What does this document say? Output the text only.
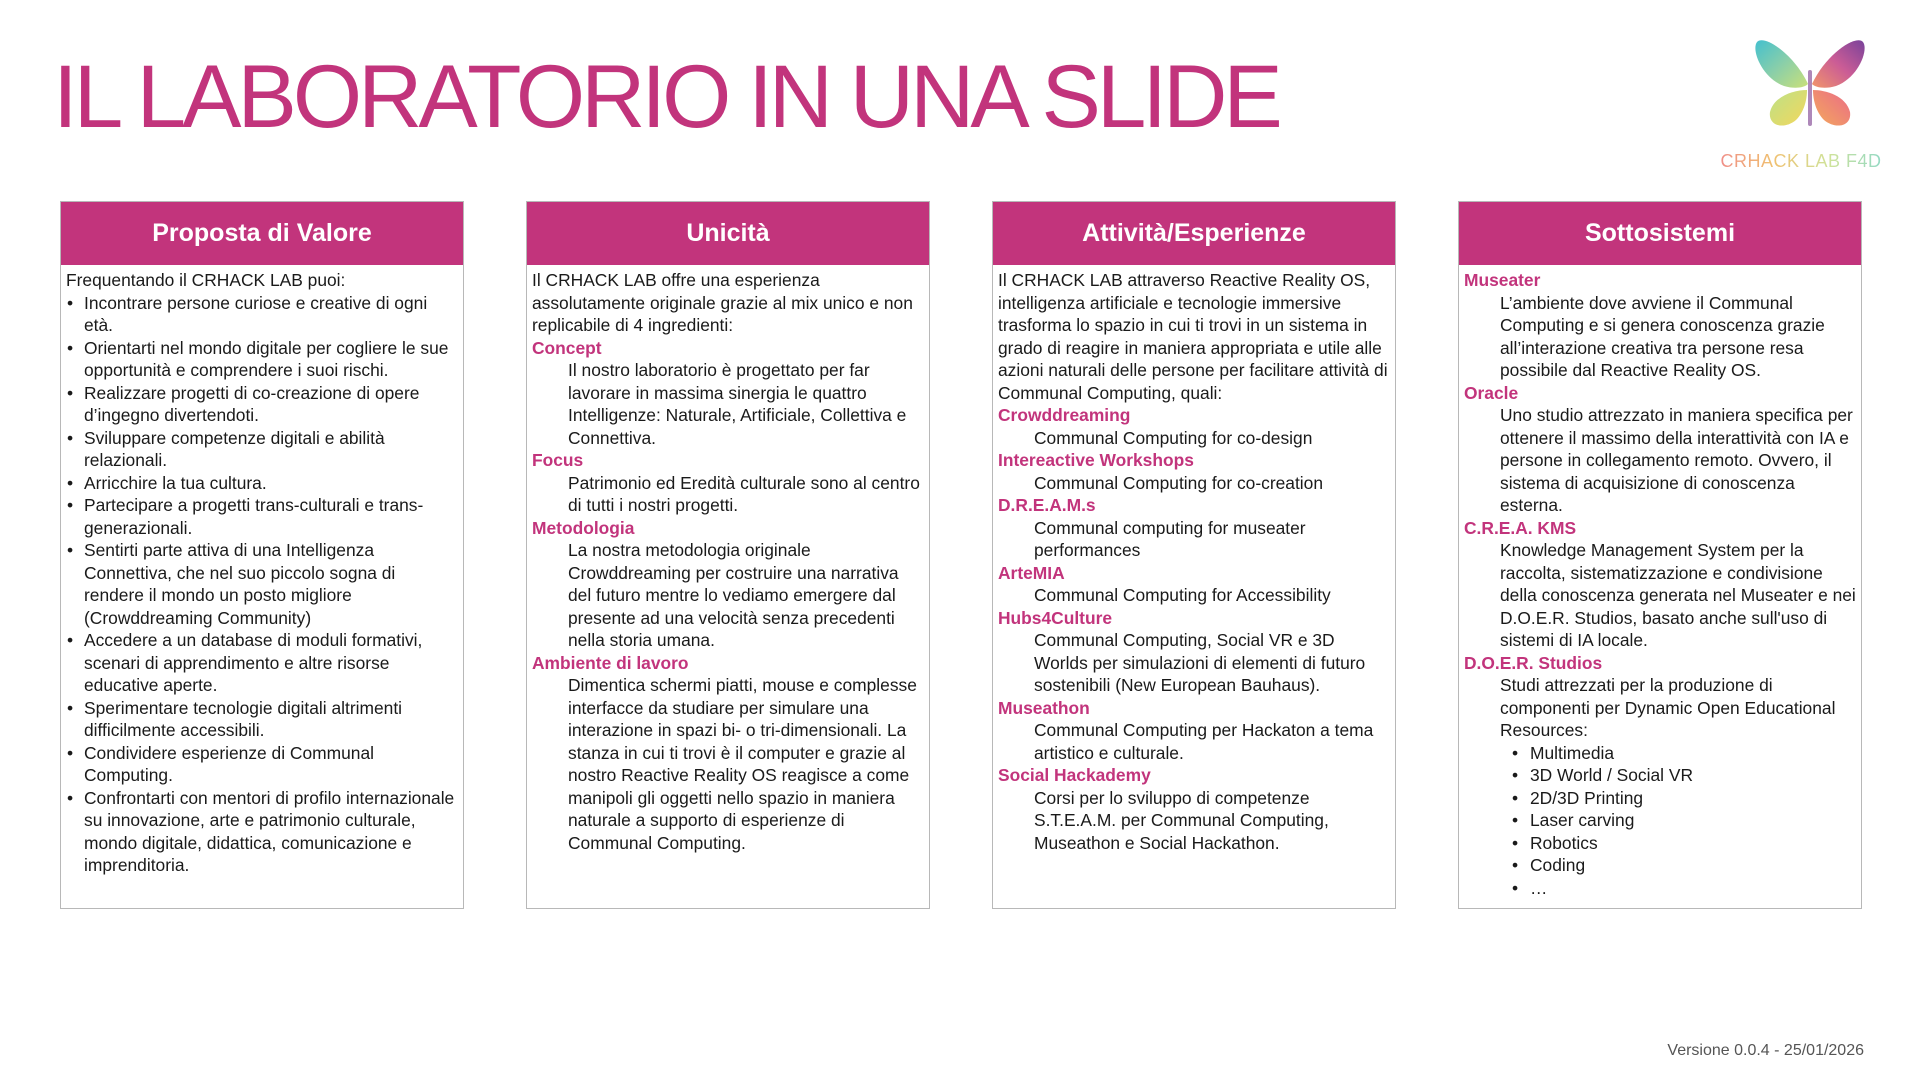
IL LABORATORIO IN UNA SLIDE
CRHACK LAB F4D
Proposta di Valore

Frequentando il CRHACK LAB puoi:

• Incontrare persone curiose e creative di ogni età.
• Orientarti nel mondo digitale per cogliere le sue opportunità e comprendere i suoi rischi.
• Realizzare progetti di co-creazione di opere d’ingegno divertendoti.
• Sviluppare competenze digitali e abilità relazionali.
• Arricchire la tua cultura.
• Partecipare a progetti trans-culturali e trans-generazionali.
• Sentirti parte attiva di una Intelligenza Connettiva, che nel suo piccolo sogna di rendere il mondo un posto migliore (Crowddreaming Community)
• Accedere a un database di moduli formativi, scenari di apprendimento e altre risorse educative aperte.
• Sperimentare tecnologie digitali altrimenti difficilmente accessibili.
• Condividere esperienze di Communal Computing.
• Confrontarti con mentori di profilo internazionale su innovazione, arte e patrimonio culturale, mondo digitale, didattica, comunicazione e imprenditoria.
Unicità

Il CRHACK LAB offre una esperienza assolutamente originale grazie al mix unico e non replicabile di 4 ingredienti:

Concept
Il nostro laboratorio è progettato per far lavorare in massima sinergia le quattro Intelligenze: Naturale, Artificiale, Collettiva e Connettiva.
Focus
Patrimonio ed Eredità culturale sono al centro di tutti i nostri progetti.
Metodologia
La nostra metodologia originale Crowddreaming per costruire una narrativa del futuro mentre lo vediamo emergere dal presente ad una velocità senza precedenti nella storia umana.
Ambiente di lavoro
Dimentica schermi piatti, mouse e complesse interfacce da studiare per simulare una interazione in spazi bi- o tri-dimensionali. La stanza in cui ti trovi è il computer e grazie al nostro Reactive Reality OS reagisce a come manipoli gli oggetti nello spazio in maniera naturale a supporto di esperienze di Communal Computing.
Attività/Esperienze

Il CRHACK LAB attraverso Reactive Reality OS, intelligenza artificiale e tecnologie immersive trasforma lo spazio in cui ti trovi in un sistema in grado di reagire in maniera appropriata e utile alle azioni naturali delle persone per facilitare attività di Communal Computing, quali:

Crowddreaming
Communal Computing for co-design
Intereactive Workshops
Communal Computing for co-creation
D.R.E.A.M.s
Communal computing for museater performances
ArteMIA
Communal Computing for Accessibility
Hubs4Culture
Communal Computing, Social VR e 3D Worlds per simulazioni di elementi di futuro sostenibili (New European Bauhaus).
Museathon
Communal Computing per Hackaton a tema artistico e culturale.
Social Hackademy
Corsi per lo sviluppo di competenze S.T.E.A.M. per Communal Computing, Museathon e Social Hackathon.
Sottosistemi
Museater
L’ambiente dove avviene il Communal Computing e si genera conoscenza grazie all’interazione creativa tra persone resa possibile dal Reactive Reality OS.
Oracle
Uno studio attrezzato in maniera specifica per ottenere il massimo della interattività con IA e persone in collegamento remoto. Ovvero, il sistema di acquisizione di conoscenza esterna.
C.R.E.A. KMS
Knowledge Management System per la raccolta, sistematizzazione e condivisione della conoscenza generata nel Museater e nei D.O.E.R. Studios, basato anche sull'uso di sistemi di IA locale.
D.O.E.R. Studios
Studi attrezzati per la produzione di componenti per Dynamic Open Educational Resources:
• Multimedia
• 3D World / Social VR
• 2D/3D Printing
• Laser carving
• Robotics
• Coding
• …
Versione 0.0.4 - 25/01/2026
